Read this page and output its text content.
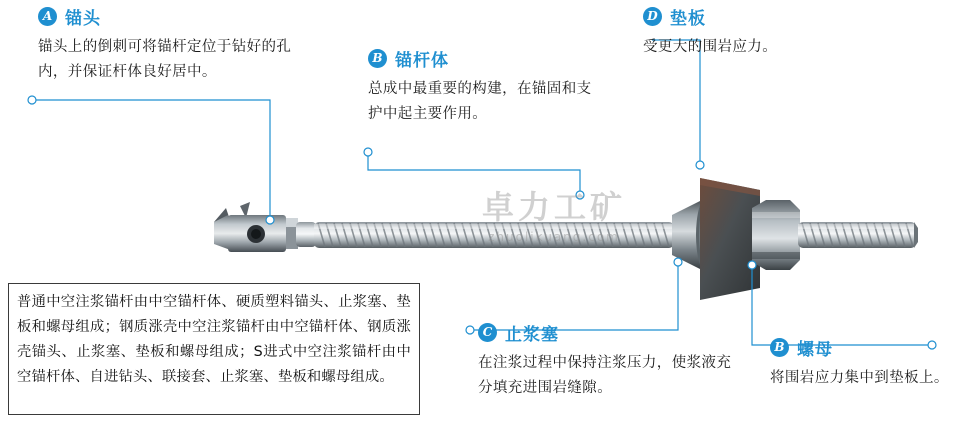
A 锚头
锚头上的倒刺可将锚杆定位于钻好的孔内，并保证杆体良好居中。
B 锚杆体
总成中最重要的构建，在锚固和支护中起主要作用。
D 垫板
受更大的围岩应力。
C 止浆塞
在注浆过程中保持注浆压力，使浆液充分填充进围岩缝隙。
B 螺母
将围岩应力集中到垫板上。
普通中空注浆锚杆由中空锚杆体、硬质塑料锚头、止浆塞、垫板和螺母组成；钢质涨壳中空注浆锚杆由中空锚杆体、钢质涨壳锚头、止浆塞、垫板和螺母组成；S进式中空注浆锚杆由中空锚杆体、自进钻头、联接套、止浆塞、垫板和螺母组成。
卓力工矿
zhuolikuang.com
